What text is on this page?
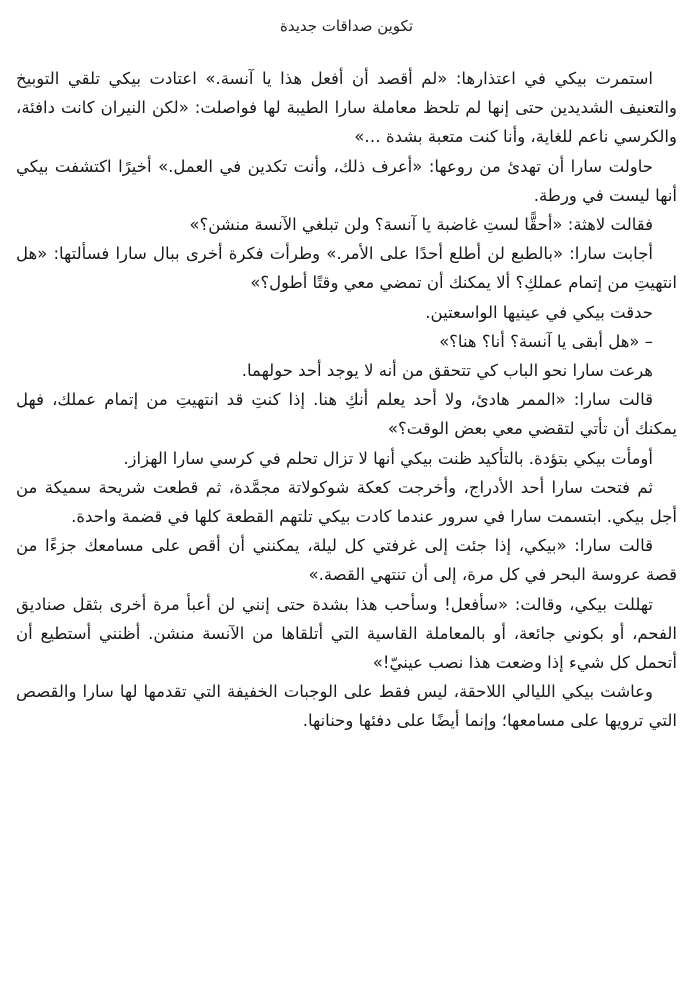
تكوين صداقات جديدة

استمرت بيكي في اعتذارها: «لم أقصد أن أفعل هذا يا آنسة.» اعتادت بيكي تلقي التوبيخ والتعنيف الشديدين حتى إنها لم تلحظ معاملة سارا الطيبة لها فواصلت: «لكن النيران كانت دافئة، والكرسي ناعم للغاية، وأنا كنت متعبة بشدة …»

حاولت سارا أن تهدئ من روعها: «أعرف ذلك، وأنت تكدين في العمل.» أخيرًا اكتشفت بيكي أنها ليست في ورطة.

فقالت لاهثة: «أحقًّا لستِ غاضبة يا آنسة؟ ولن تبلغي الآنسة منشن؟»

أجابت سارا: «بالطبع لن أطلع أحدًا على الأمر.» وطرأت فكرة أخرى ببال سارا فسألتها: «هل انتهيتِ من إتمام عملكِ؟ ألا يمكنك أن تمضي معي وقتًا أطول؟»

حدقت بيكي في عينيها الواسعتين.

– «هل أبقى يا آنسة؟ أنا؟ هنا؟»

هرعت سارا نحو الباب كي تتحقق من أنه لا يوجد أحد حولهما.

قالت سارا: «الممر هادئ، ولا أحد يعلم أنكِ هنا. إذا كنتِ قد انتهيتِ من إتمام عملك، فهل يمكنك أن تأتي لتقضي معي بعض الوقت؟»

أومأت بيكي بتؤدة. بالتأكيد ظنت بيكي أنها لا تزال تحلم في كرسي سارا الهزاز.

ثم فتحت سارا أحد الأدراج، وأخرجت كعكة شوكولاتة مجمَّدة، ثم قطعت شريحة سميكة من أجل بيكي. ابتسمت سارا في سرور عندما كادت بيكي تلتهم القطعة كلها في قضمة واحدة.

قالت سارا: «بيكي، إذا جئت إلى غرفتي كل ليلة، يمكنني أن أقص على مسامعك جزءًا من قصة عروسة البحر في كل مرة، إلى أن تنتهي القصة.»

تهللت بيكي، وقالت: «سأفعل! وسأحب هذا بشدة حتى إنني لن أعبأ مرة أخرى بثقل صناديق الفحم، أو بكوني جائعة، أو بالمعاملة القاسية التي أتلقاها من الآنسة منشن. أظنني أستطيع أن أتحمل كل شيء إذا وضعت هذا نصب عينيّ!»

وعاشت بيكي الليالي اللاحقة، ليس فقط على الوجبات الخفيفة التي تقدمها لها سارا والقصص التي ترويها على مسامعها؛ وإنما أيضًا على دفئها وحنانها.
